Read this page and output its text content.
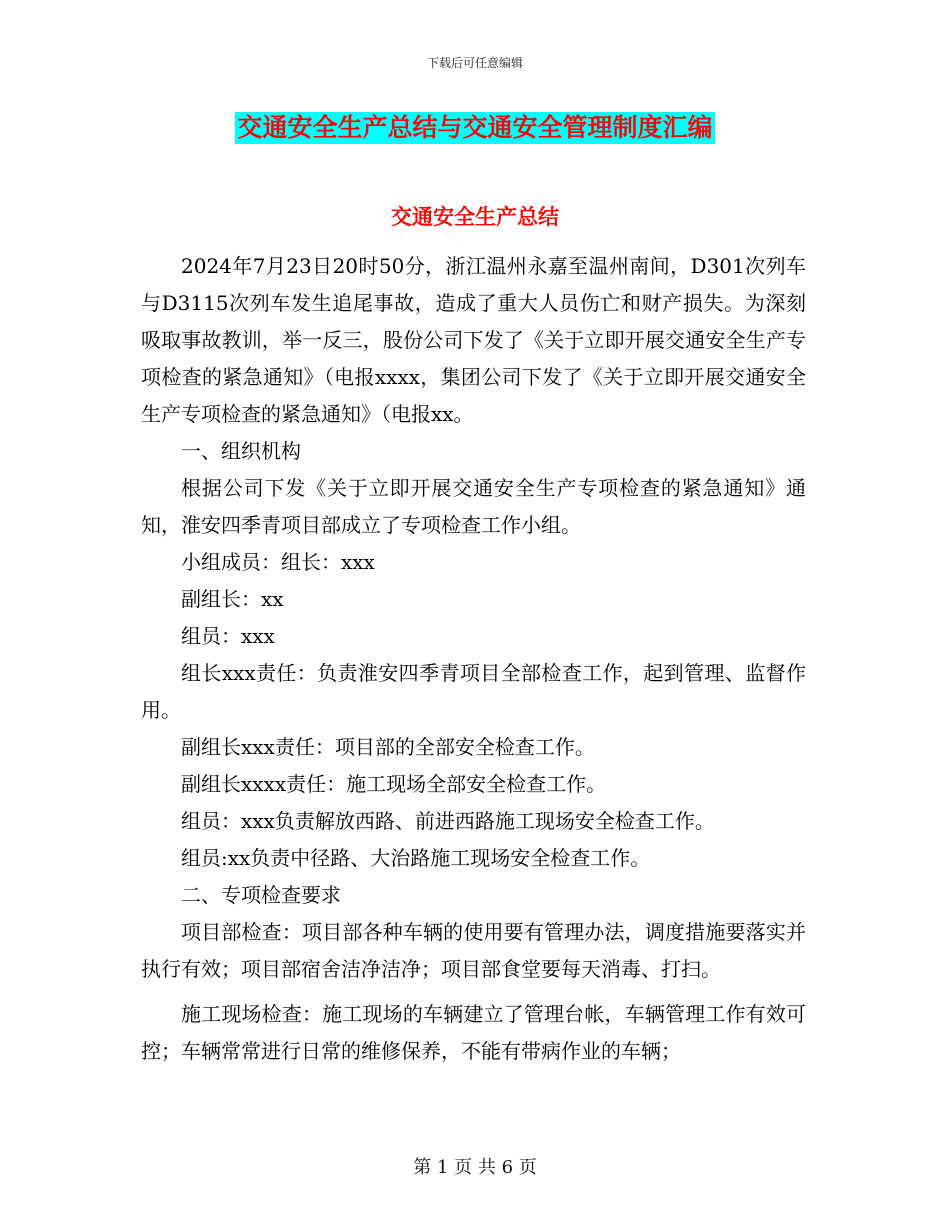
下载后可任意编辑
交通安全生产总结与交通安全管理制度汇编
交通安全生产总结

2024年7月23日20时50分，浙江温州永嘉至温州南间，D301次列车与D3115次列车发生追尾事故，造成了重大人员伤亡和财产损失。为深刻吸取事故教训，举一反三，股份公司下发了《关于立即开展交通安全生产专项检查的紧急通知》（电报xxxx，集团公司下发了《关于立即开展交通安全生产专项检查的紧急通知》（电报xx。

一、组织机构

根据公司下发《关于立即开展交通安全生产专项检查的紧急通知》通知，淮安四季青项目部成立了专项检查工作小组。

小组成员：组长：xxx

副组长：xx

组员：xxx

组长xxx责任：负责淮安四季青项目全部检查工作，起到管理、监督作用。

副组长xxx责任：项目部的全部安全检查工作。

副组长xxxx责任：施工现场全部安全检查工作。

组员：xxx负责解放西路、前进西路施工现场安全检查工作。

组员:xx负责中径路、大治路施工现场安全检查工作。

二、专项检查要求

项目部检查：项目部各种车辆的使用要有管理办法，调度措施要落实并执行有效；项目部宿舍洁净洁净；项目部食堂要每天消毒、打扫。

施工现场检查：施工现场的车辆建立了管理台帐，车辆管理工作有效可控；车辆常常进行日常的维修保养，不能有带病作业的车辆；

第 1 页 共 6 页
